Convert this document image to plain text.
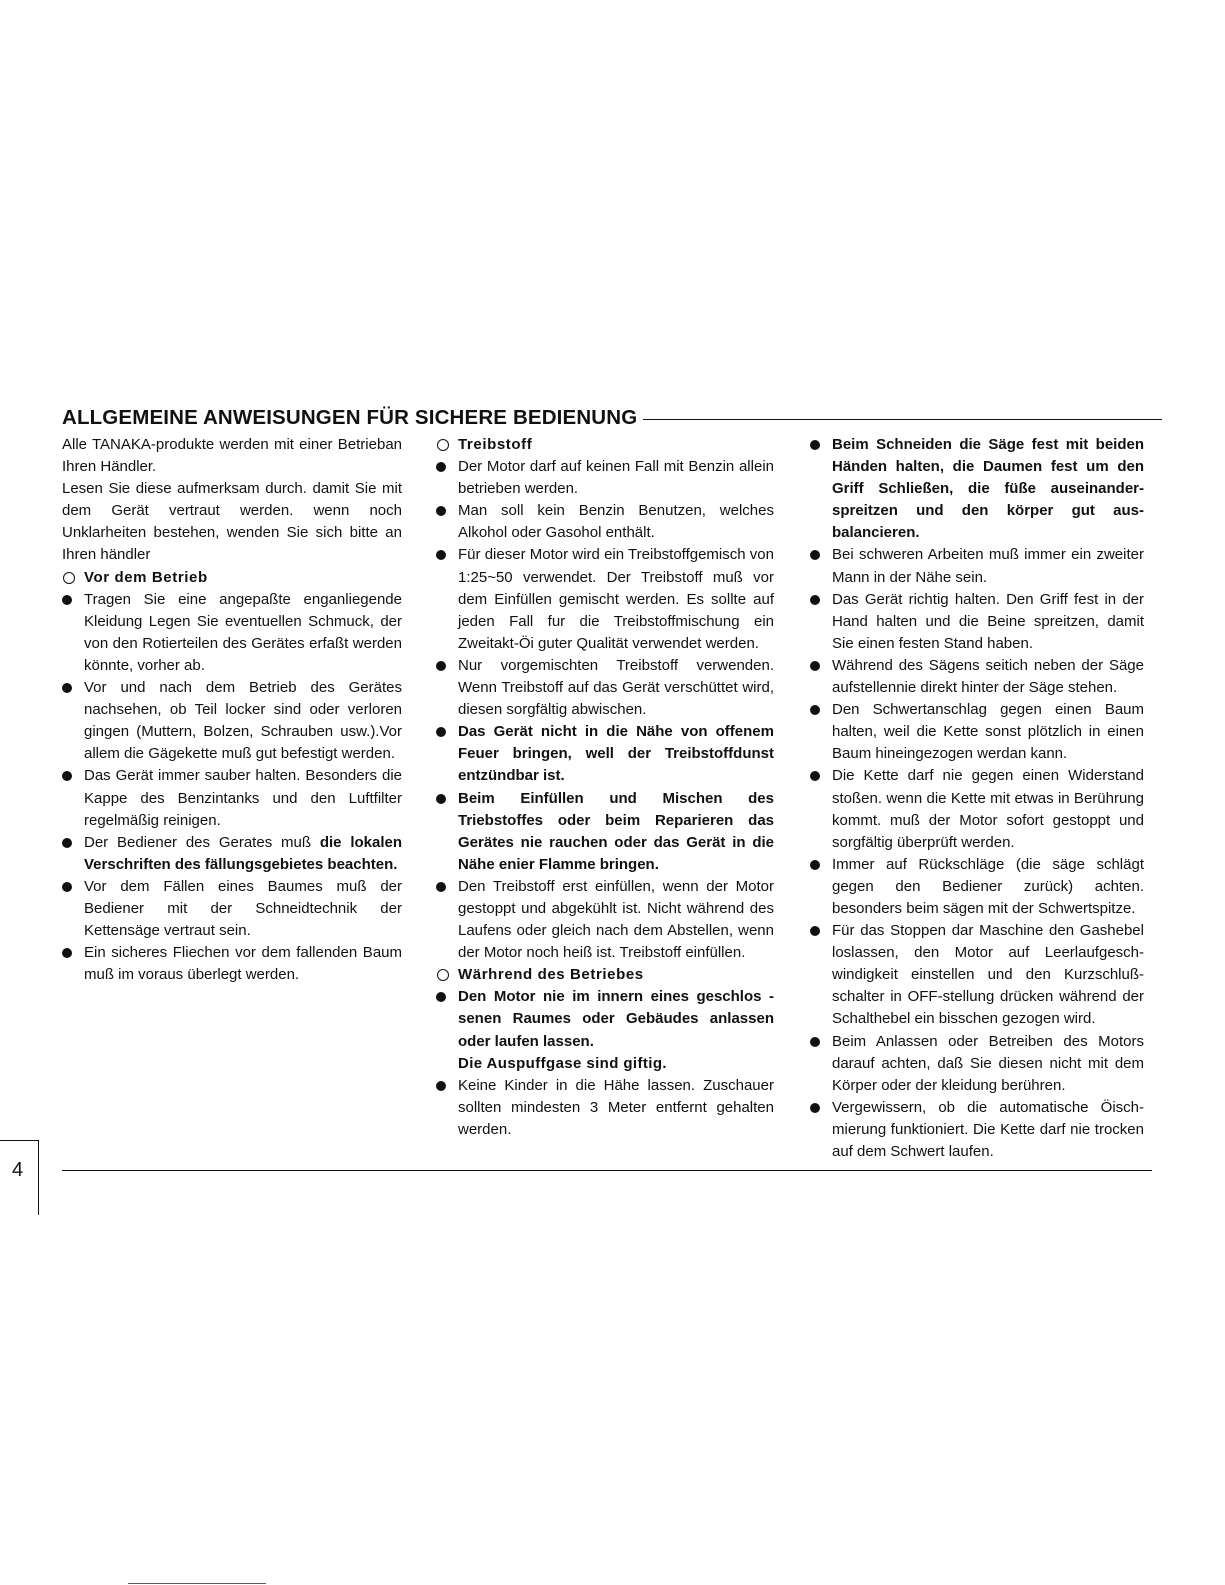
ALLGEMEINE ANWEISUNGEN FÜR SICHERE BEDIENUNG

Alle TANAKA-produkte werden mit einer Betrieban Ihren Händler.

Lesen Sie diese aufmerksam durch. damit Sie mit dem Gerät vertraut werden. wenn noch Unklarheiten bestehen, wenden Sie sich bitte an Ihren händler

Vor dem Betrieb

Tragen Sie eine angepaßte enganliegende Kleidung Legen Sie eventuellen Schmuck, der von den Rotierteilen des Gerätes erfaßt werden könnte, vorher ab.

Vor und nach dem Betrieb des Gerätes nachsehen, ob Teil locker sind oder verloren gingen (Muttern, Bolzen, Schrauben usw.).Vor allem die Gägekette muß gut befestigt werden.

Das Gerät immer sauber halten. Besonders die Kappe des Benzintanks und den Luftfilter regelmäßig reinigen.

Der Bediener des Gerates muß die lokalen Verschriften des fällungsgebietes beachten.

Vor dem Fällen eines Baumes muß der Bediener mit der Schneidtechnik der Kettensäge vertraut sein.

Ein sicheres Fliechen vor dem fallenden Baum muß im voraus überlegt werden.

Treibstoff

Der Motor darf auf keinen Fall mit Benzin allein betrieben werden.

Man soll kein Benzin Benutzen, welches Alkohol oder Gasohol enthält.

Für dieser Motor wird ein Treibstoffgemisch von 1:25~50 verwendet. Der Treibstoff muß vor dem Einfüllen gemischt werden. Es sollte auf jeden Fall fur die Treibstoffmischung ein Zweitakt-Öi guter Qualität verwendet werden.

Nur vorgemischten Treibstoff verwenden. Wenn Treibstoff auf das Gerät verschüttet wird, diesen sorgfältig abwischen.

Das Gerät nicht in die Nähe von offenem Feuer bringen, well der Treibstoffdunst entzündbar ist.

Beim Einfüllen und Mischen des Triebstoffes oder beim Reparieren das Gerätes nie rauchen oder das Gerät in die Nähe enier Flamme bringen.

Den Treibstoff erst einfüllen, wenn der Motor gestoppt und abgekühlt ist. Nicht während des Laufens oder gleich nach dem Abstellen, wenn der Motor noch heiß ist. Treibstoff einfüllen.

Wärhrend des Betriebes

Den Motor nie im innern eines geschlos -senen Raumes oder Gebäudes anlassen oder laufen lassen.
Die Auspuffgase sind giftig.

Keine Kinder in die Hähe lassen. Zuschauer sollten mindesten 3 Meter entfernt gehalten werden.

Beim Schneiden die Säge fest mit beiden Händen halten, die Daumen fest um den Griff Schließen, die füße auseinander-spreitzen und den körper gut aus-balancieren.

Bei schweren Arbeiten muß immer ein zweiter Mann in der Nähe sein.

Das Gerät richtig halten. Den Griff fest in der Hand halten und die Beine spreitzen, damit Sie einen festen Stand haben.

Während des Sägens seitich neben der Säge aufstellennie direkt hinter der Säge stehen.

Den Schwertanschlag gegen einen Baum halten, weil die Kette sonst plötzlich in einen Baum hineingezogen werdan kann.

Die Kette darf nie gegen einen Widerstand stoßen. wenn die Kette mit etwas in Berührung kommt. muß der Motor sofort gestoppt und sorgfältig überprüft werden.

Immer auf Rückschläge (die säge schlägt gegen den Bediener zurück) achten. besonders beim sägen mit der Schwertspitze.

Für das Stoppen dar Maschine den Gashebel loslassen, den Motor auf Leerlaufgesch-windigkeit einstellen und den Kurzschluß-schalter in OFF-stellung drücken während der Schalthebel ein bisschen gezogen wird.

Beim Anlassen oder Betreiben des Motors darauf achten, daß Sie diesen nicht mit dem Körper oder der kleidung berühren.

Vergewissern, ob die automatische Öisch-mierung funktioniert. Die Kette darf nie trocken auf dem Schwert laufen.

4
